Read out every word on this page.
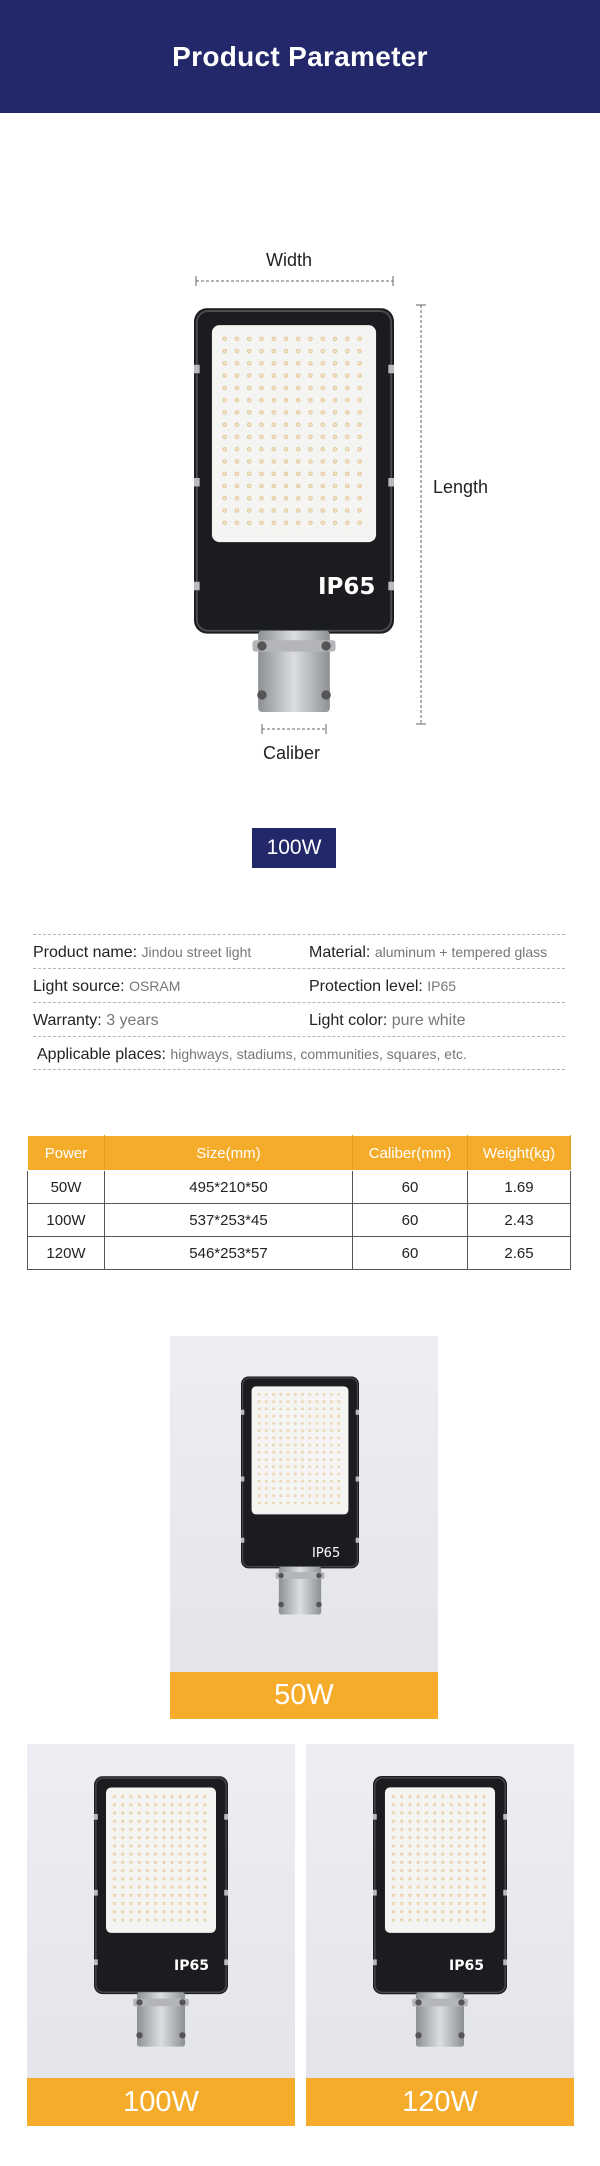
Product Parameter
Width
Length
Caliber
IP65
100W
Product name: Jindou street light	Material: aluminum + tempered glass
Light source: OSRAM	Protection level: IP65
Warranty: 3 years	Light color: pure white
Applicable places: highways, stadiums, communities, squares, etc.
Power	Size(mm)	Caliber(mm)	Weight(kg)
50W	495*210*50	60	1.69
100W	537*253*45	60	2.43
120W	546*253*57	60	2.65
IP65
50W
IP65
100W
IP65
120W
